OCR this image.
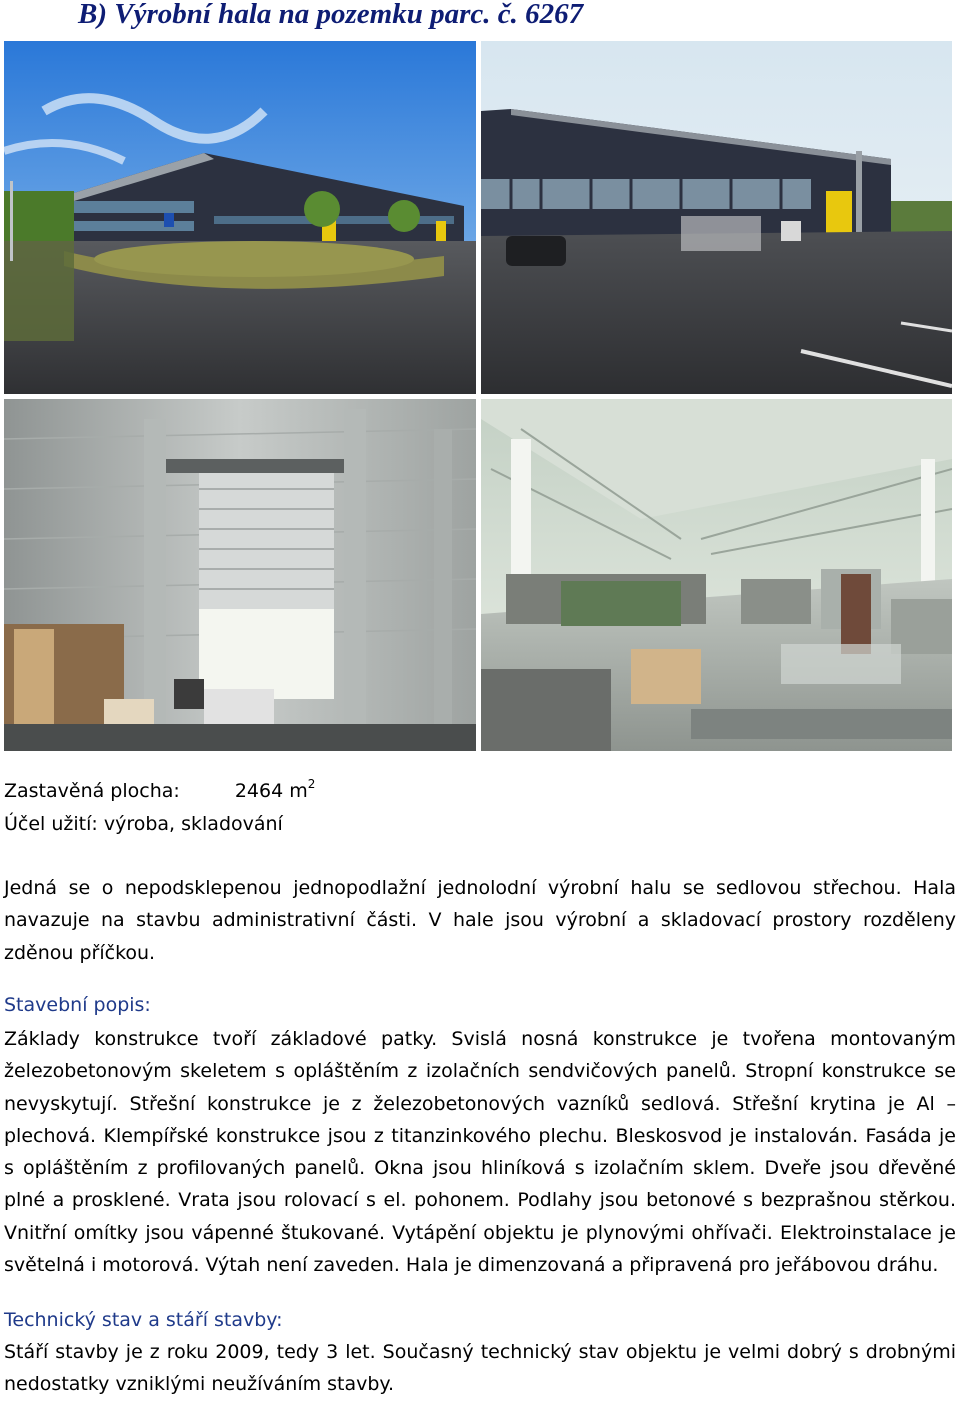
B) Výrobní hala na pozemku parc. č. 6267
Zastavěná plocha:	2464 $m^2$
Účel užití: výroba, skladování

Jedná se o nepodsklepenou jednopodlažní jednolodní výrobní halu se sedlovou střechou. Hala navazuje na stavbu administrativní části. V hale jsou výrobní a skladovací prostory rozděleny zděnou příčkou.

Stavební popis:

Základy konstrukce tvoří základové patky. Svislá nosná konstrukce je tvořena montovaným železobetonovým skeletem s opláštěním z izolačních sendvičových panelů. Stropní konstrukce se nevyskytují. Střešní konstrukce je z železobetonových vazníků sedlová. Střešní krytina je Al – plechová. Klempířské konstrukce jsou z titanzinkového plechu. Bleskosvod je instalován. Fasáda je s opláštěním z profilovaných panelů. Okna jsou hliníková s izolačním sklem. Dveře jsou dřevěné plné a prosklené. Vrata jsou rolovací s el. pohonem. Podlahy jsou betonové s bezprašnou stěrkou. Vnitřní omítky jsou vápenné štukované. Vytápění objektu je plynovými ohřívači. Elektroinstalace je světelná i motorová. Výtah není zaveden. Hala je dimenzovaná a připravená pro jeřábovou dráhu.

Technický stav a stáří stavby:

Stáří stavby je z roku 2009, tedy 3 let. Současný technický stav objektu je velmi dobrý s drobnými nedostatky vzniklými neužíváním stavby.
